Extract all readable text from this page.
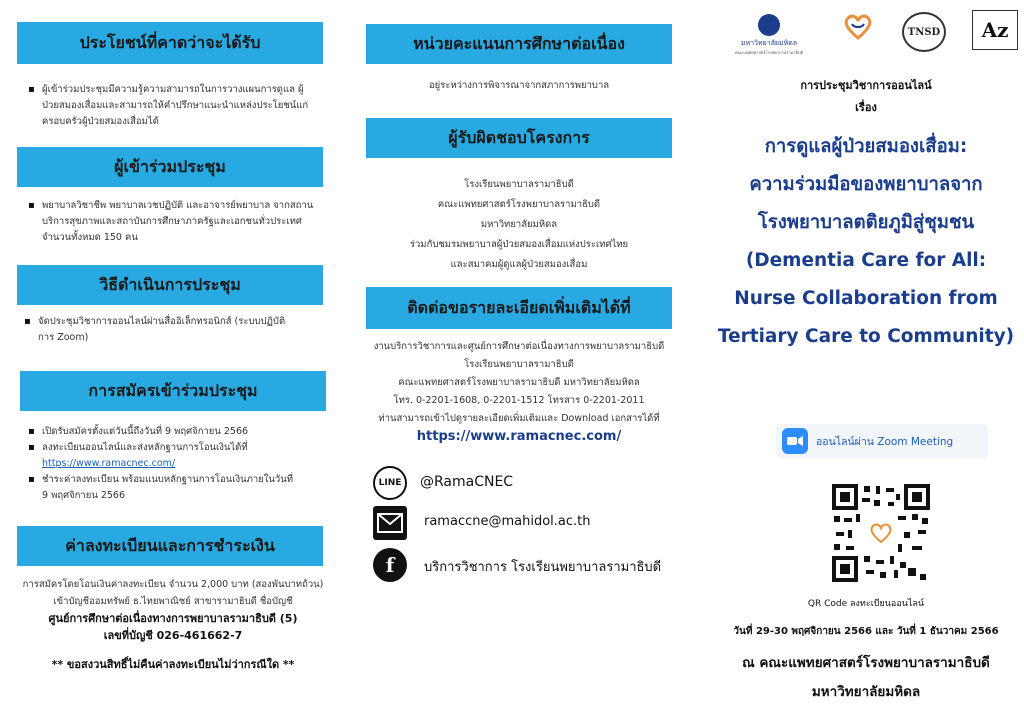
ประโยชน์ที่คาดว่าจะได้รับ
▪ ผู้เข้าร่วมประชุมมีความรู้ความสามารถในการวางแผนการดูแล ผู้ป่วยสมองเสื่อมและสามารถให้คำปรึกษาแนะนำแหล่งประโยชน์แก่ครอบครัวผู้ป่วยสมองเสื่อมได้
ผู้เข้าร่วมประชุม
▪ พยาบาลวิชาชีพ พยาบาลเวชปฏิบัติ และอาจารย์พยาบาล จากสถานบริการสุขภาพและสถาบันการศึกษาภาครัฐและเอกชนทั่วประเทศ จำนวนทั้งหมด 150 คน
วิธีดำเนินการประชุม
▪ จัดประชุมวิชาการออนไลน์ผ่านสื่ออิเล็กทรอนิกส์ (ระบบปฏิบัติการ Zoom)
การสมัครเข้าร่วมประชุม
▪ เปิดรับสมัครตั้งแต่วันนี้ถึงวันที่ 9 พฤศจิกายน 2566
▪ ลงทะเบียนออนไลน์และส่งหลักฐานการโอนเงินได้ที่
https://www.ramacnec.com/
▪ ชำระค่าลงทะเบียน พร้อมแนบหลักฐานการโอนเงินภายในวันที่ 9 พฤศจิกายน 2566
ค่าลงทะเบียนและการชำระเงิน
การสมัครโดยโอนเงินค่าลงทะเบียน จำนวน 2,000 บาท (สองพันบาทถ้วน)
เข้าบัญชีออมทรัพย์ ธ.ไทยพาณิชย์ สาขารามาธิบดี ชื่อบัญชี
ศูนย์การศึกษาต่อเนื่องทางการพยาบาลรามาธิบดี (5)
เลขที่บัญชี 026-461662-7
** ขอสงวนสิทธิ์ไม่คืนค่าลงทะเบียนไม่ว่ากรณีใด **
หน่วยคะแนนการศึกษาต่อเนื่อง
อยู่ระหว่างการพิจารณาจากสภาการพยาบาล
ผู้รับผิดชอบโครงการ
โรงเรียนพยาบาลรามาธิบดี
คณะแพทยศาสตร์โรงพยาบาลรามาธิบดี
มหาวิทยาลัยมหิดล
ร่วมกับชมรมพยาบาลผู้ป่วยสมองเสื่อมแห่งประเทศไทย
และสมาคมผู้ดูแลผู้ป่วยสมองเสื่อม
ติดต่อขอรายละเอียดเพิ่มเติมได้ที่
งานบริการวิชาการและศูนย์การศึกษาต่อเนื่องทางการพยาบาลรามาธิบดี
โรงเรียนพยาบาลรามาธิบดี
คณะแพทยศาสตร์โรงพยาบาลรามาธิบดี มหาวิทยาลัยมหิดล
โทร. 0-2201-1608, 0-2201-1512 โทรสาร 0-2201-2011
ท่านสามารถเข้าไปดูรายละเอียดเพิ่มเติมและ Download เอกสารได้ที่
https://www.ramacnec.com/
LINE @RamaCNEC
ramaccne@mahidol.ac.th
f	บริการวิชาการ โรงเรียนพยาบาลรามาธิบดี
มหาวิทยาลัยมหิดล
คณะแพทยศาสตร์โรงพยาบาลรามาธิบดี
TNSD Az
การประชุมวิชาการออนไลน์
เรื่อง
การดูแลผู้ป่วยสมองเสื่อม:
ความร่วมมือของพยาบาลจาก
โรงพยาบาลตติยภูมิสู่ชุมชน
(Dementia Care for All:
Nurse Collaboration from
Tertiary Care to Community)
ออนไลน์ผ่าน Zoom Meeting
QR Code ลงทะเบียนออนไลน์
วันที่ 29-30 พฤศจิกายน 2566 และ วันที่ 1 ธันวาคม 2566
ณ คณะแพทยศาสตร์โรงพยาบาลรามาธิบดี
มหาวิทยาลัยมหิดล
